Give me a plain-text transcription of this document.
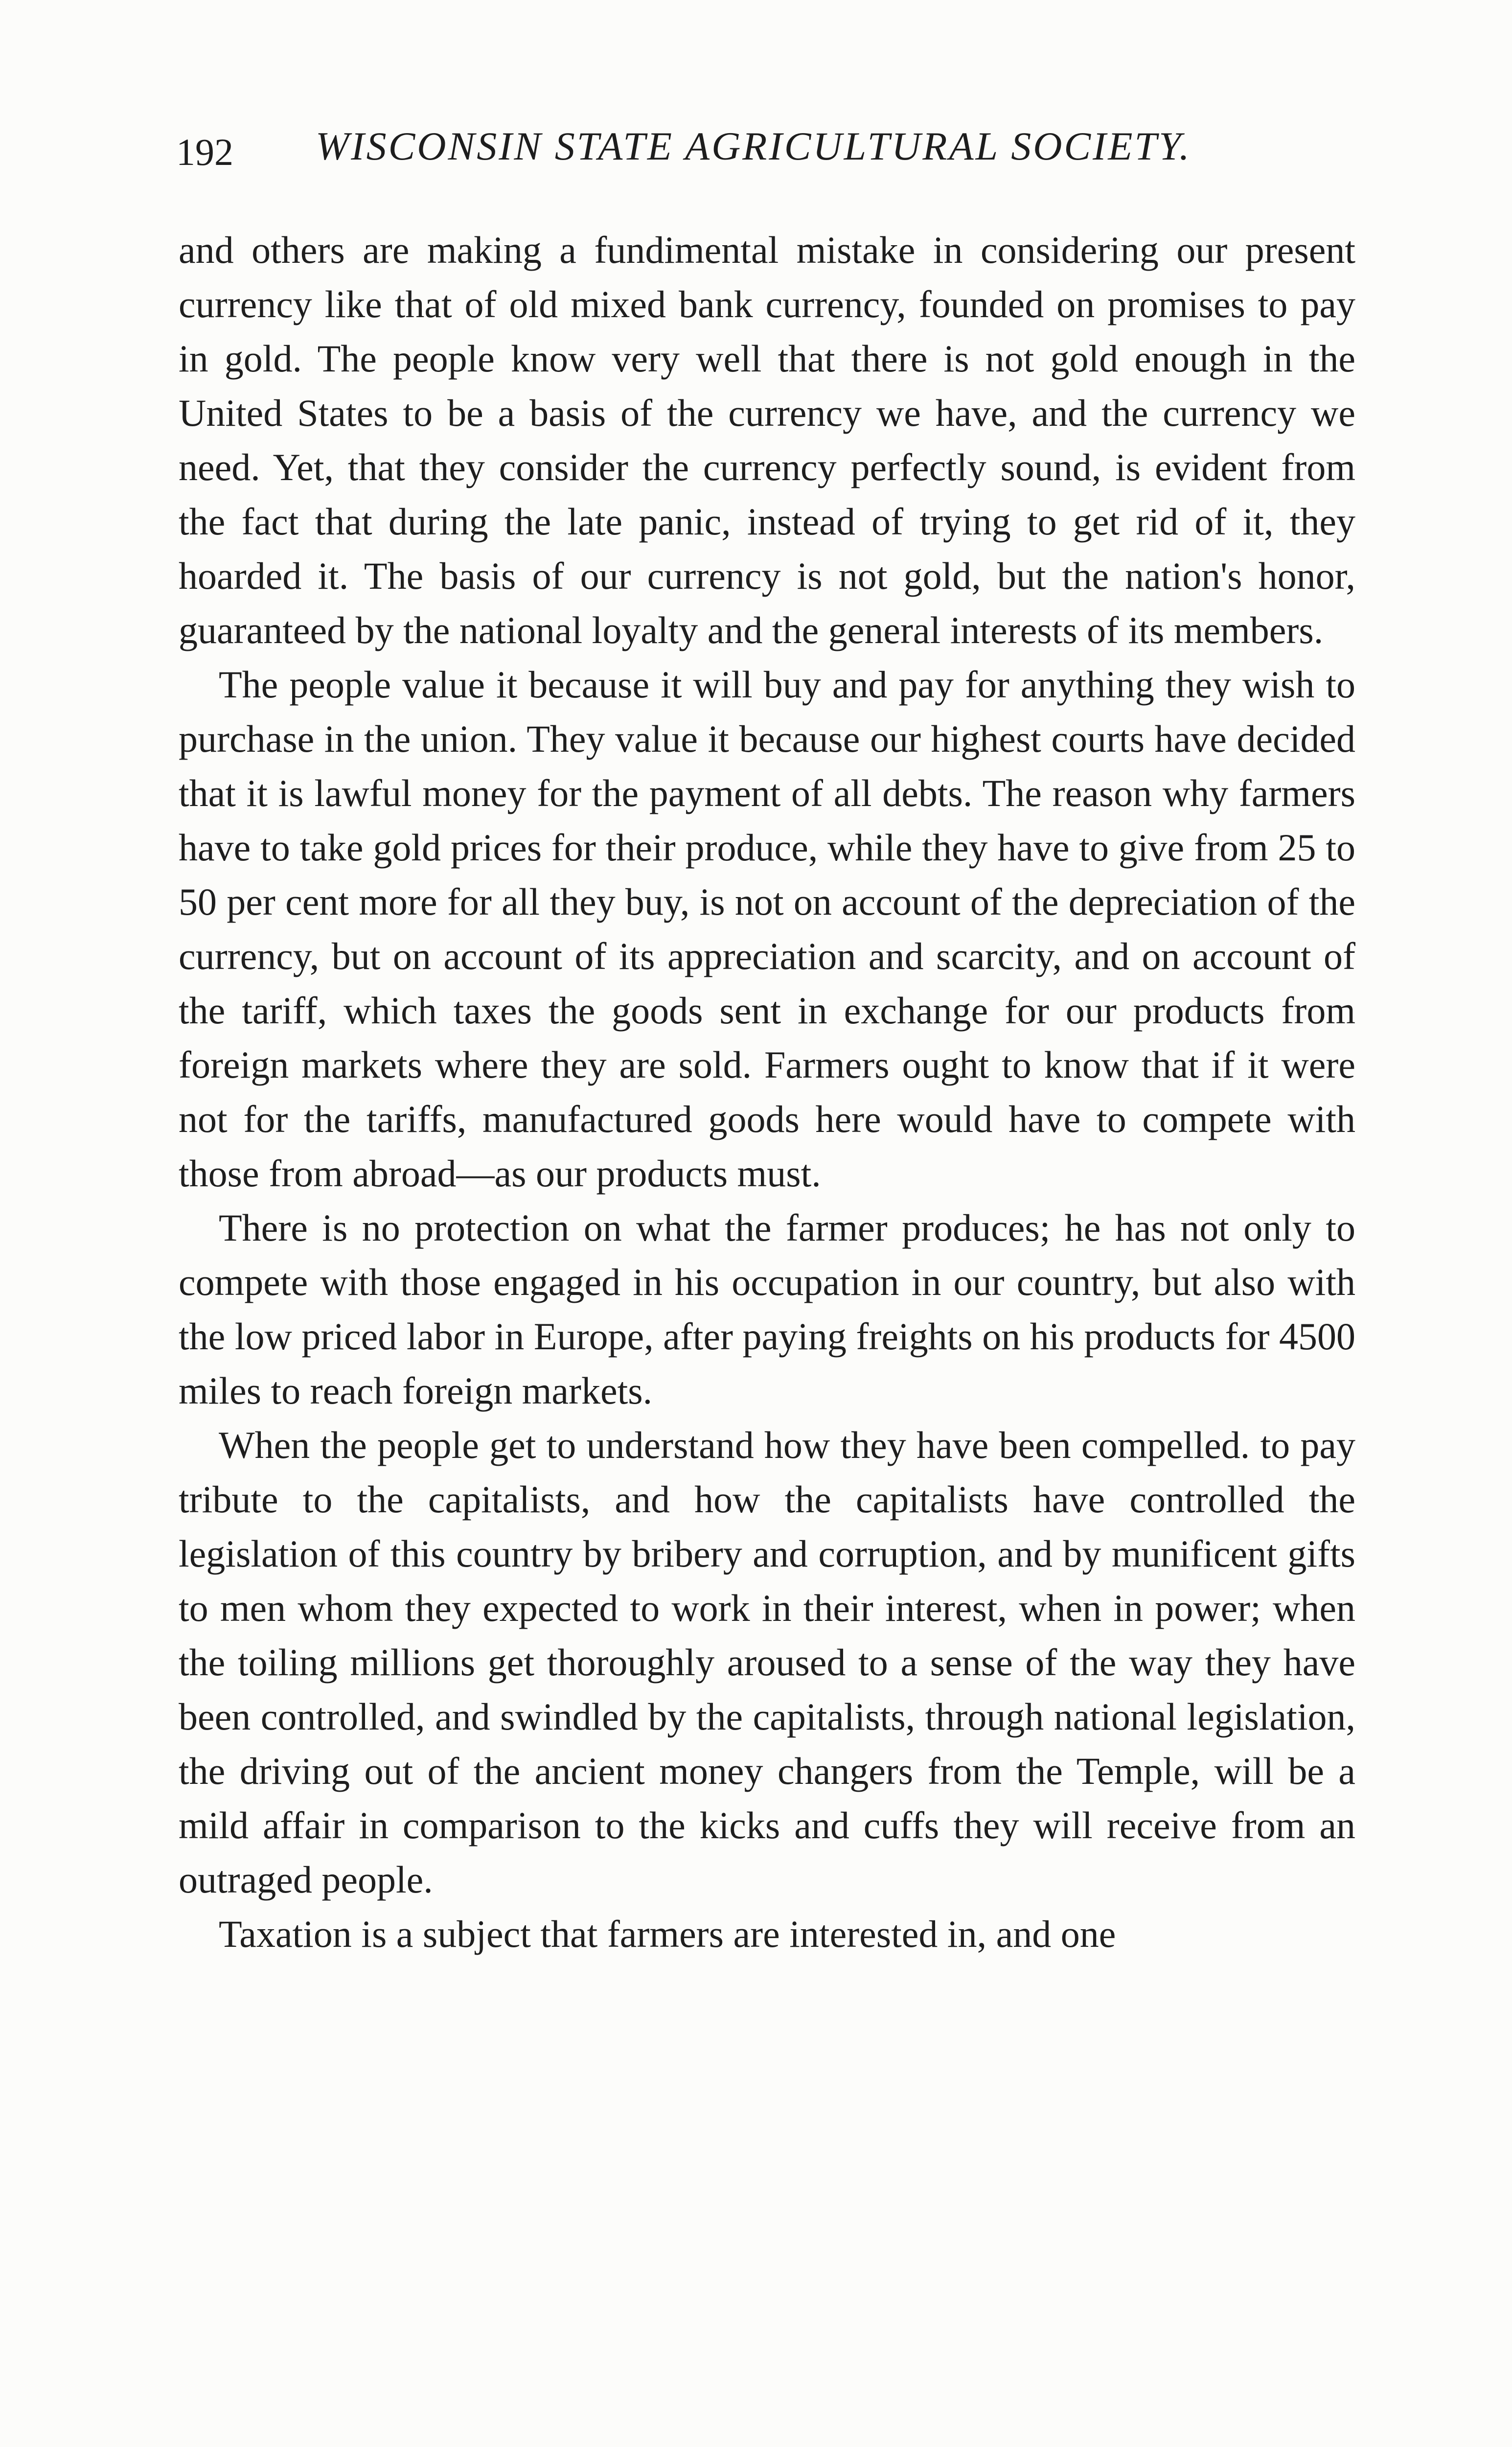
192 WISCONSIN STATE AGRICULTURAL SOCIETY.

and others are making a fundimental mistake in considering our present currency like that of old mixed bank currency, founded on promises to pay in gold. The people know very well that there is not gold enough in the United States to be a basis of the currency we have, and the currency we need. Yet, that they consider the currency perfectly sound, is evident from the fact that during the late panic, instead of trying to get rid of it, they hoarded it. The basis of our currency is not gold, but the nation's honor, guaranteed by the national loyalty and the general interests of its members.

The people value it because it will buy and pay for anything they wish to purchase in the union. They value it because our highest courts have decided that it is lawful money for the payment of all debts. The reason why farmers have to take gold prices for their produce, while they have to give from 25 to 50 per cent more for all they buy, is not on account of the depreciation of the currency, but on account of its appreciation and scarcity, and on account of the tariff, which taxes the goods sent in exchange for our products from foreign markets where they are sold. Farmers ought to know that if it were not for the tariffs, manufactured goods here would have to compete with those from abroad—as our products must.

There is no protection on what the farmer produces; he has not only to compete with those engaged in his occupation in our country, but also with the low priced labor in Europe, after paying freights on his products for 4500 miles to reach foreign markets.

When the people get to understand how they have been compelled. to pay tribute to the capitalists, and how the capitalists have controlled the legislation of this country by bribery and corruption, and by munificent gifts to men whom they expected to work in their interest, when in power; when the toiling millions get thoroughly aroused to a sense of the way they have been controlled, and swindled by the capitalists, through national legislation, the driving out of the ancient money changers from the Temple, will be a mild affair in comparison to the kicks and cuffs they will receive from an outraged people.

Taxation is a subject that farmers are interested in, and one
